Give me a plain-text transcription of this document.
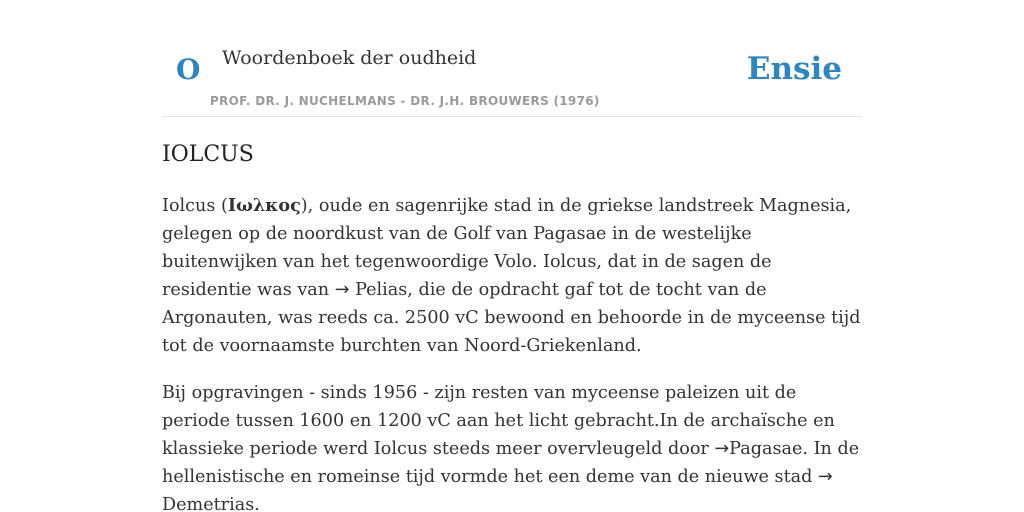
O Woordenboek der oudheid
PROF. DR. J. NUCHELMANS - DR. J.H. BROUWERS (1976)
Ensie
IOLCUS

Iolcus (Ιωλκος), oude en sagenrijke stad in de griekse landstreek Magnesia, gelegen op de noordkust van de Golf van Pagasae in de westelijke buitenwijken van het tegenwoordige Volo. Iolcus, dat in de sagen de residentie was van → Pelias, die de opdracht gaf tot de tocht van de Argonauten, was reeds ca. 2500 vC bewoond en behoorde in de myceense tijd tot de voornaamste burchten van Noord-Griekenland.

Bij opgravingen - sinds 1956 - zijn resten van myceense paleizen uit de periode tussen 1600 en 1200 vC aan het licht gebracht.In de archaïsche en klassieke periode werd Iolcus steeds meer overvleugeld door →Pagasae. In de hellenistische en romeinse tijd vormde het een deme van de nieuwe stad → Demetrias.
